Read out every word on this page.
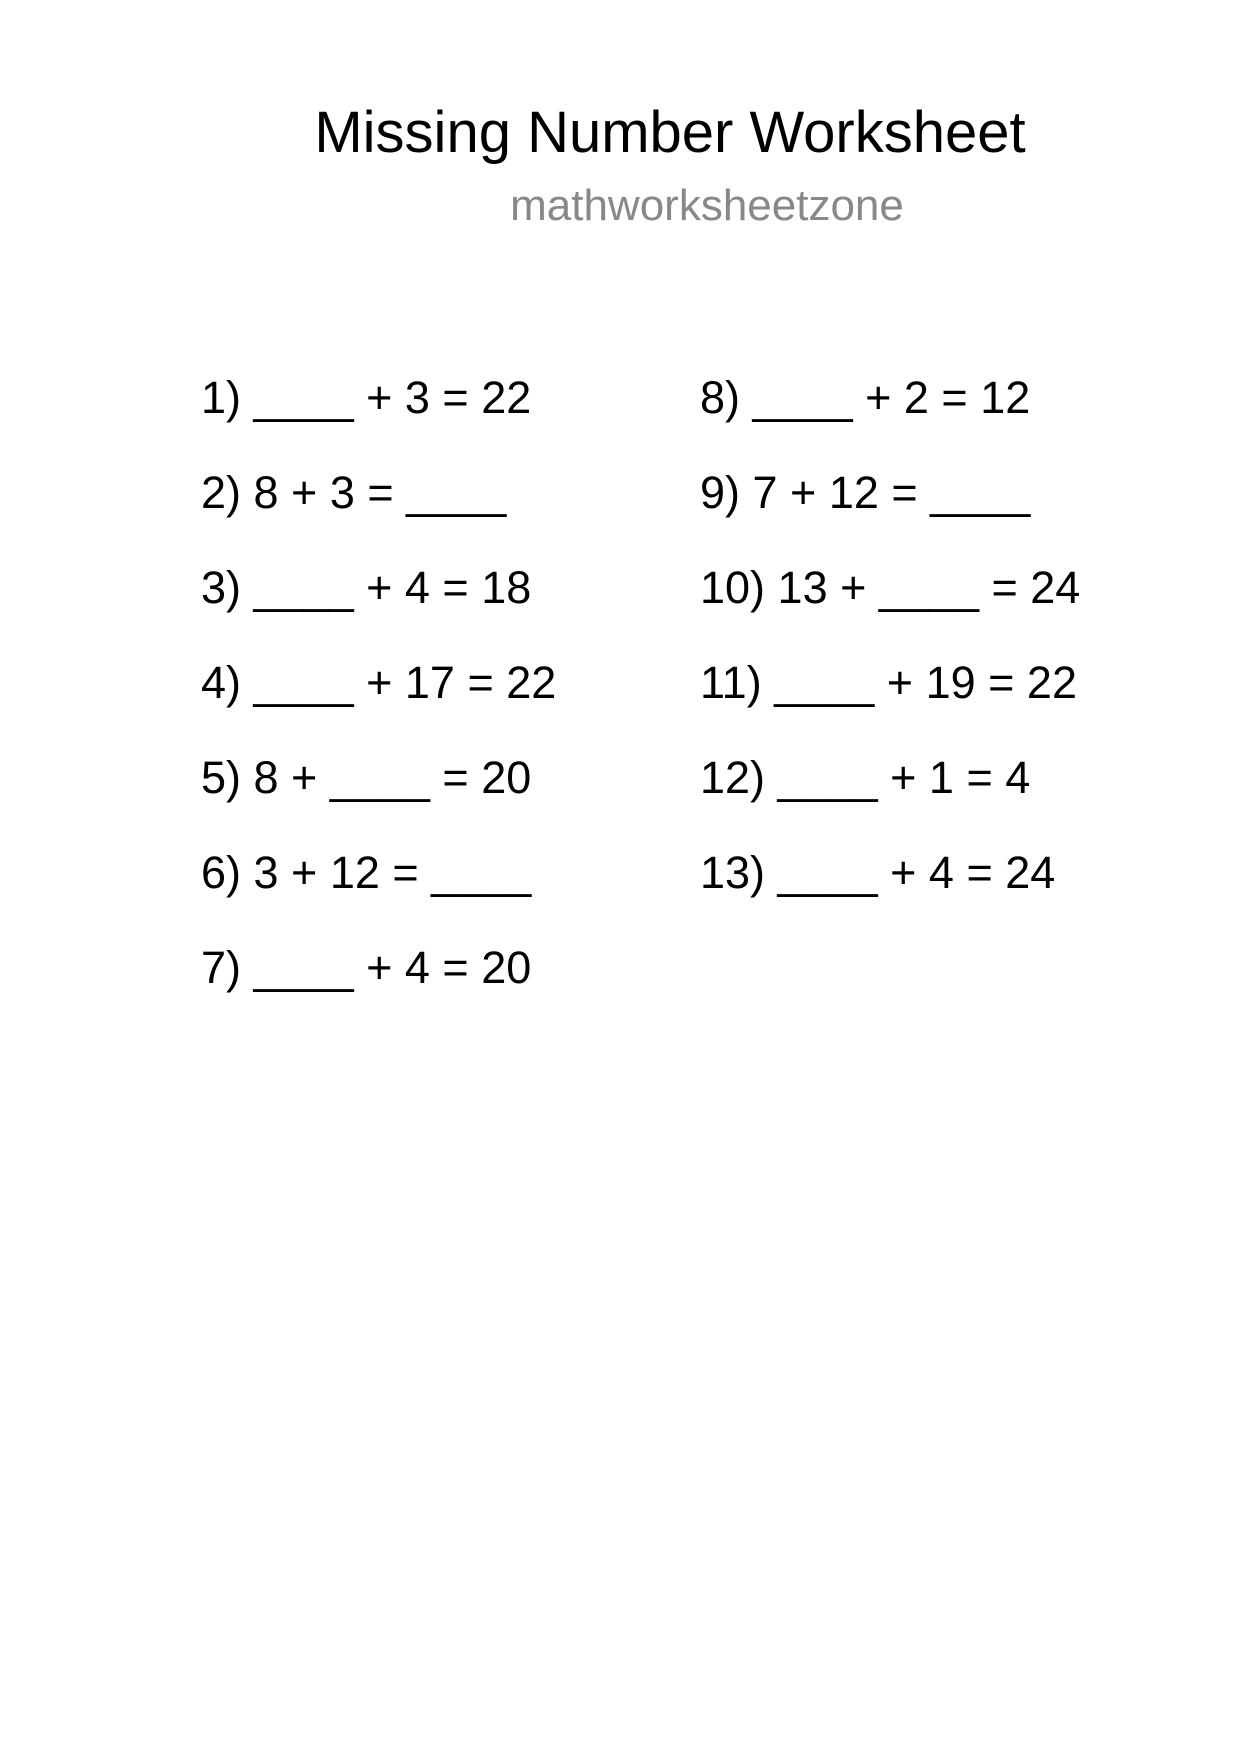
Missing Number Worksheet
mathworksheetzone
1) ____ + 3 = 22
2) 8 + 3 = ____
3) ____ + 4 = 18
4) ____ + 17 = 22
5) 8 + ____ = 20
6) 3 + 12 = ____
7) ____ + 4 = 20
8) ____ + 2 = 12
9) 7 + 12 = ____
10) 13 + ____ = 24
11) ____ + 19 = 22
12) ____ + 1 = 4
13) ____ + 4 = 24
